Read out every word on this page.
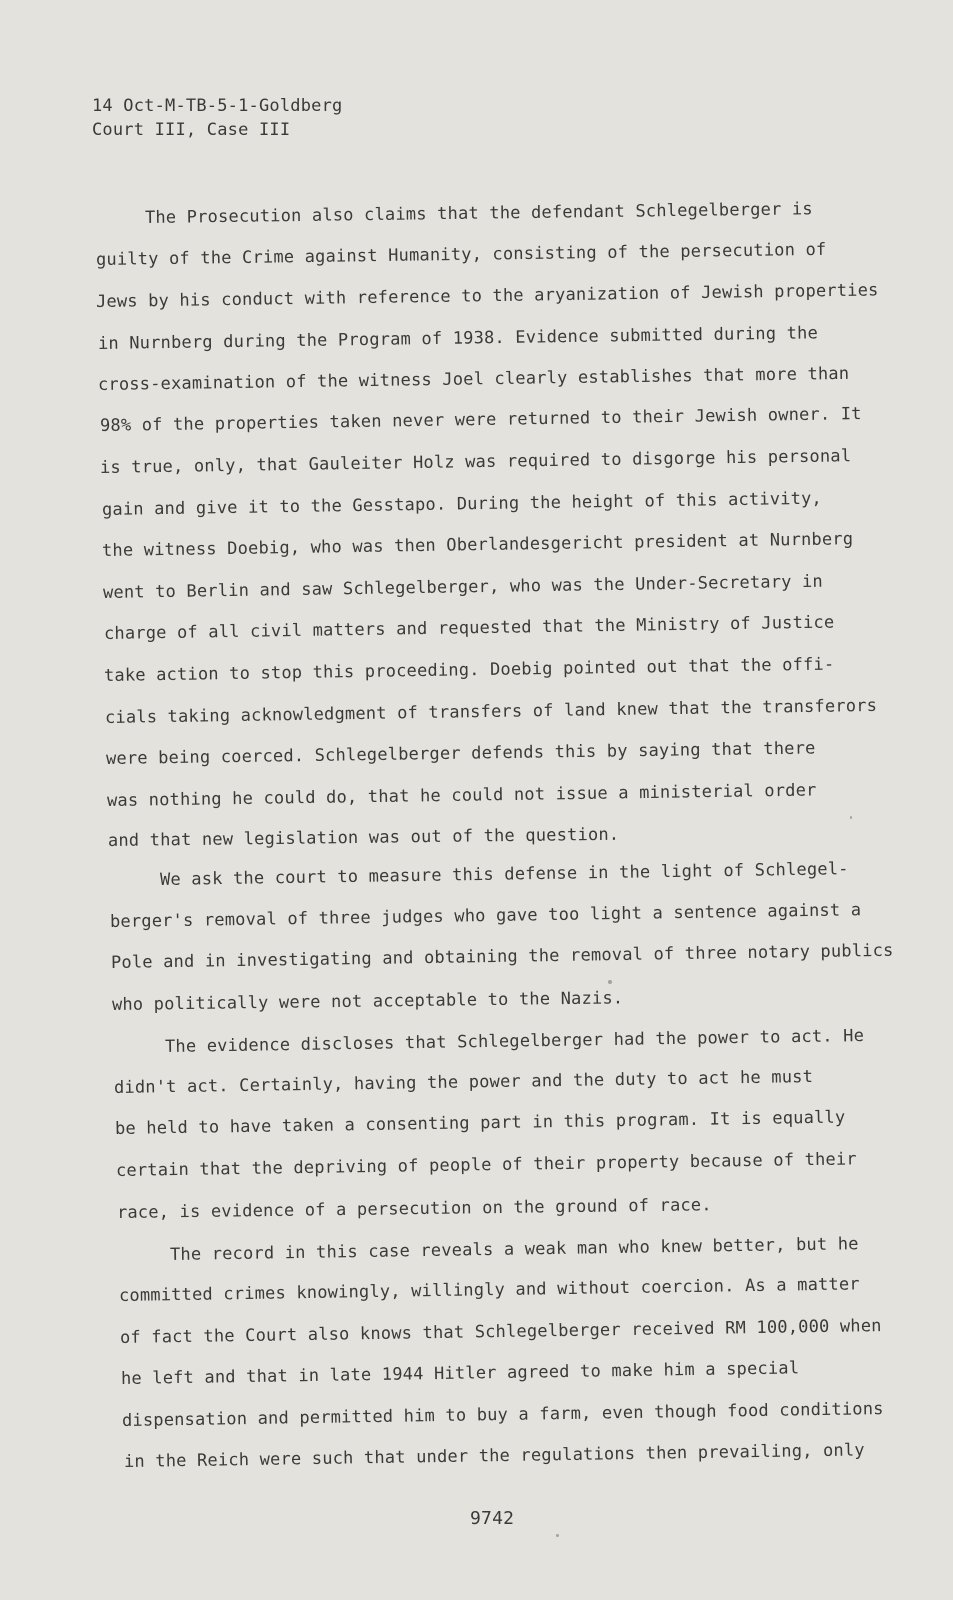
14 Oct-M-TB-5-1-Goldberg
Court III, Case III
The Prosecution also claims that the defendant Schlegelberger is
guilty of the Crime against Humanity, consisting of the persecution of
Jews by his conduct with reference to the aryanization of Jewish properties
in Nurnberg during the Program of 1938. Evidence submitted during the
cross-examination of the witness Joel clearly establishes that more than
98% of the properties taken never were returned to their Jewish owner. It
is true, only, that Gauleiter Holz was required to disgorge his personal
gain and give it to the Gesstapo. During the height of this activity,
the witness Doebig, who was then Oberlandesgericht president at Nurnberg
went to Berlin and saw Schlegelberger, who was the Under-Secretary in
charge of all civil matters and requested that the Ministry of Justice
take action to stop this proceeding. Doebig pointed out that the offi-
cials taking acknowledgment of transfers of land knew that the transferors
were being coerced. Schlegelberger defends this by saying that there
was nothing he could do, that he could not issue a ministerial order
and that new legislation was out of the question.
We ask the court to measure this defense in the light of Schlegel-
berger's removal of three judges who gave too light a sentence against a
Pole and in investigating and obtaining the removal of three notary publics
who politically were not acceptable to the Nazis.
The evidence discloses that Schlegelberger had the power to act. He
didn't act. Certainly, having the power and the duty to act he must
be held to have taken a consenting part in this program. It is equally
certain that the depriving of people of their property because of their
race, is evidence of a persecution on the ground of race.
The record in this case reveals a weak man who knew better, but he
committed crimes knowingly, willingly and without coercion. As a matter
of fact the Court also knows that Schlegelberger received RM 100,000 when
he left and that in late 1944 Hitler agreed to make him a special
dispensation and permitted him to buy a farm, even though food conditions
in the Reich were such that under the regulations then prevailing, only
9742
